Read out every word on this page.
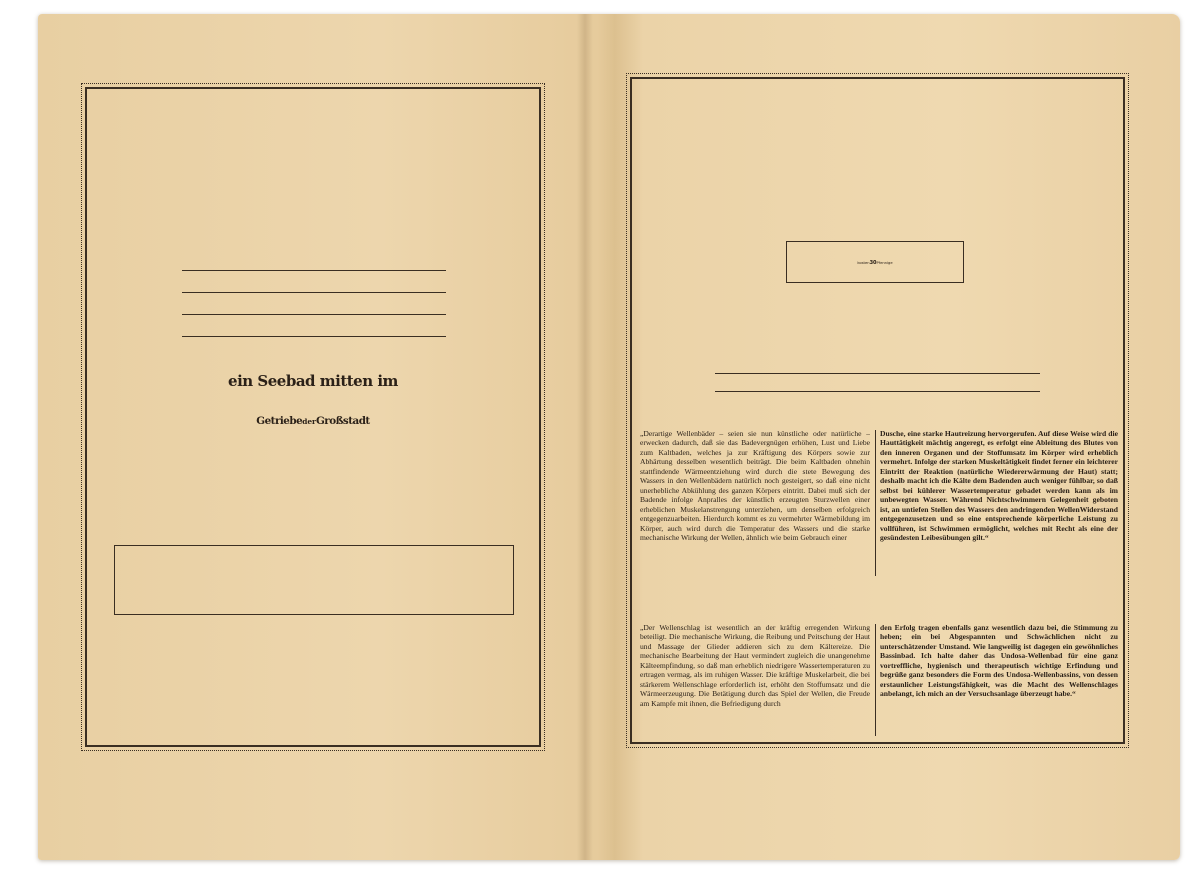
ein Seebad mitten im
Getriebe der Großstadt
kosten 30 Pfennige
„Derartige Wellenbäder – seien sie nun künstliche oder natürliche – erwecken dadurch, daß sie das Badevergnügen erhöhen, Lust und Liebe zum Kaltbaden, welches ja zur Kräftigung des Körpers sowie zur Abhärtung desselben wesentlich beiträgt. Die beim Kaltbaden ohnehin stattfindende Wärmeentziehung wird durch die stete Bewegung des Wassers in den Wellenbädern natürlich noch gesteigert, so daß eine nicht unerhebliche Abkühlung des ganzen Körpers eintritt. Dabei muß sich der Badende infolge Anpralles der künstlich erzeugten Sturzwellen einer erheblichen Muskelanstrengung unterziehen, um denselben erfolgreich entgegenzuarbeiten. Hierdurch kommt es zu vermehrter Wärmebildung im Körper, auch wird durch die Temperatur des Wassers und die starke mechanische Wirkung der Wellen, ähnlich wie beim Gebrauch einer
Dusche, eine starke Hautreizung hervorgerufen. Auf diese Weise wird die Hauttätigkeit mächtig angeregt, es erfolgt eine Ableitung des Blutes von den inneren Organen und der Stoffumsatz im Körper wird erheblich vermehrt. Infolge der starken Muskeltätigkeit findet ferner ein leichterer Eintritt der Reaktion (natürliche Wiedererwärmung der Haut) statt; deshalb macht ich die Kälte dem Badenden auch weniger fühlbar, so daß selbst bei kühlerer Wassertemperatur gebadet werden kann als im unbewegten Wasser. Während Nichtschwimmern Gelegenheit geboten ist, an untiefen Stellen des Wassers den andringenden WellenWiderstand entgegenzusetzen und so eine entsprechende körperliche Leistung zu vollführen, ist Schwimmen ermöglicht, welches mit Recht als eine der gesündesten Leibesübungen gilt.“
„Der Wellenschlag ist wesentlich an der kräftig erregenden Wirkung beteiligt. Die mechanische Wirkung, die Reibung und Peitschung der Haut und Massage der Glieder addieren sich zu dem Kältereize. Die mechanische Bearbeitung der Haut vermindert zugleich die unangenehme Kälteempfindung, so daß man erheblich niedrigere Wassertemperaturen zu ertragen vermag, als im ruhigen Wasser. Die kräftige Muskelarbeit, die bei stärkerem Wellenschlage erforderlich ist, erhöht den Stoffumsatz und die Wärmeerzeugung. Die Betätigung durch das Spiel der Wellen, die Freude am Kampfe mit ihnen, die Befriedigung durch
den Erfolg tragen ebenfalls ganz wesentlich dazu bei, die Stimmung zu heben; ein bei Abgespannten und Schwächlichen nicht zu unterschätzender Umstand. Wie langweilig ist dagegen ein gewöhnliches Bassinbad. Ich halte daher das Undosa-Wellenbad für eine ganz vortreffliche, hygienisch und therapeutisch wichtige Erfindung und begrüße ganz besonders die Form des Undosa-Wellenbassins, von dessen erstaunlicher Leistungsfähigkeit, was die Macht des Wellenschlages anbelangt, ich mich an der Versuchsanlage überzeugt habe.“
